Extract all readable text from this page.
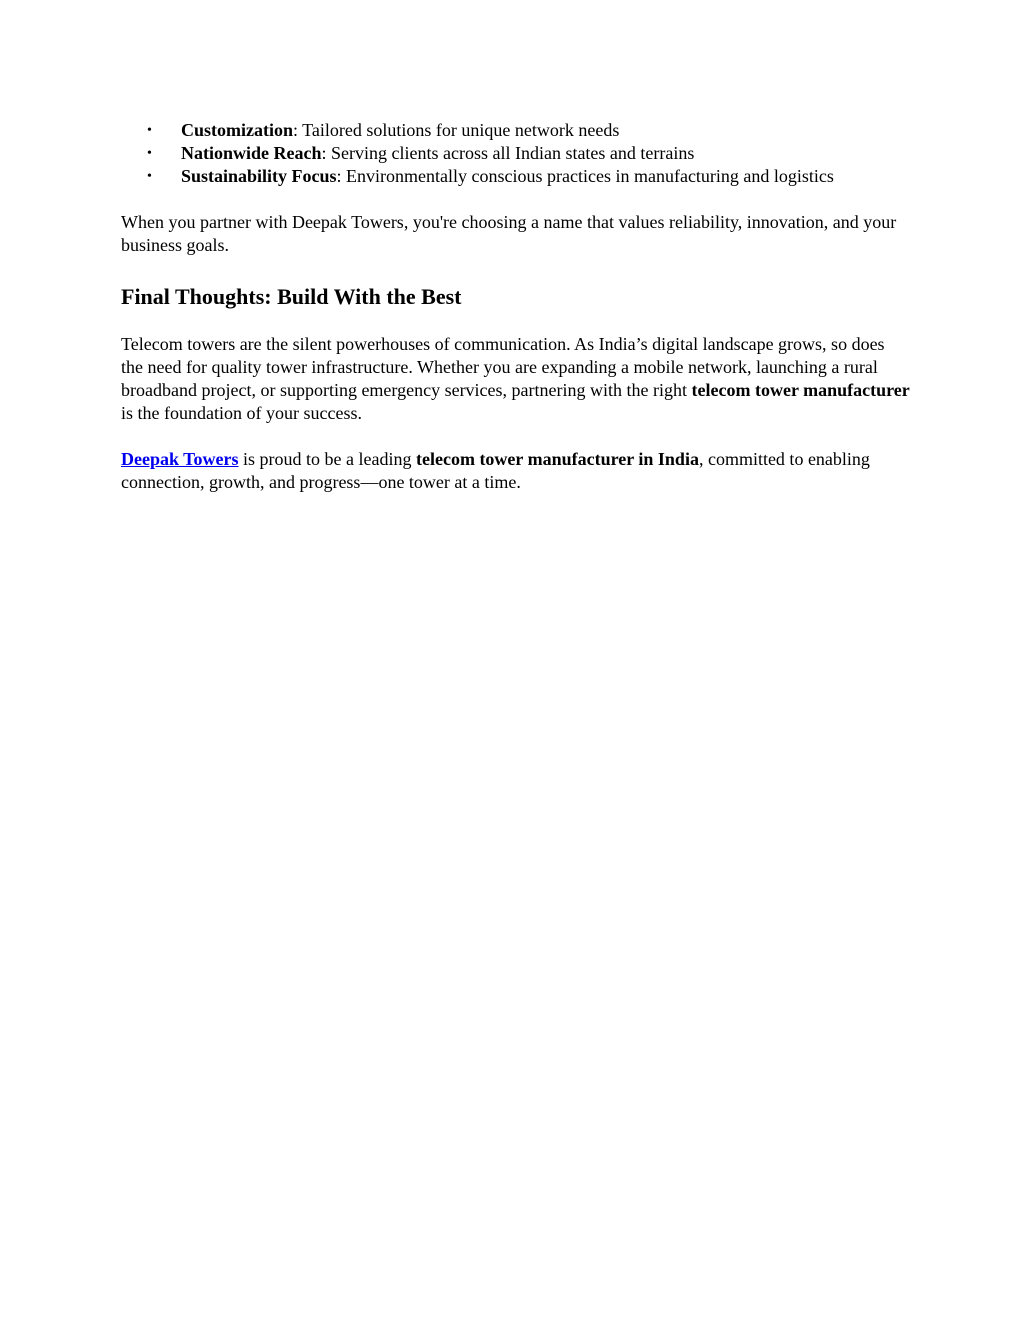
• Customization: Tailored solutions for unique network needs
• Nationwide Reach: Serving clients across all Indian states and terrains
• Sustainability Focus: Environmentally conscious practices in manufacturing and logistics

When you partner with Deepak Towers, you're choosing a name that values reliability, innovation, and your business goals.

Final Thoughts: Build With the Best

Telecom towers are the silent powerhouses of communication. As India’s digital landscape grows, so does the need for quality tower infrastructure. Whether you are expanding a mobile network, launching a rural broadband project, or supporting emergency services, partnering with the right telecom tower manufacturer is the foundation of your success.

Deepak Towers is proud to be a leading telecom tower manufacturer in India, committed to enabling connection, growth, and progress—one tower at a time.
